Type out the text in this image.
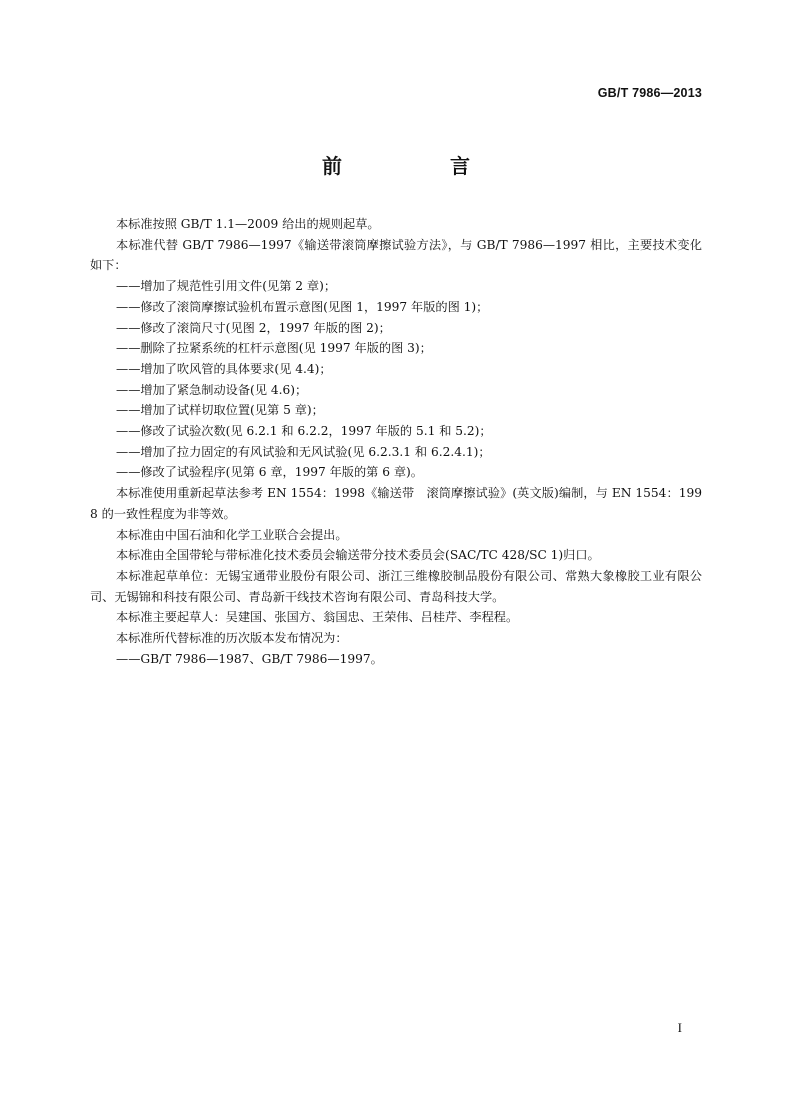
GB/T 7986—2013
前　言

本标准按照 GB/T 1.1—2009 给出的规则起草。

本标准代替 GB/T 7986—1997《输送带滚筒摩擦试验方法》，与 GB/T 7986—1997 相比，主要技术变化如下：

——增加了规范性引用文件(见第 2 章)；

——修改了滚筒摩擦试验机布置示意图(见图 1，1997 年版的图 1)；

——修改了滚筒尺寸(见图 2，1997 年版的图 2)；

——删除了拉紧系统的杠杆示意图(见 1997 年版的图 3)；

——增加了吹风管的具体要求(见 4.4)；

——增加了紧急制动设备(见 4.6)；

——增加了试样切取位置(见第 5 章)；

——修改了试验次数(见 6.2.1 和 6.2.2，1997 年版的 5.1 和 5.2)；

——增加了拉力固定的有风试验和无风试验(见 6.2.3.1 和 6.2.4.1)；

——修改了试验程序(见第 6 章，1997 年版的第 6 章)。

本标准使用重新起草法参考 EN 1554：1998《输送带　滚筒摩擦试验》(英文版)编制，与 EN 1554：1998 的一致性程度为非等效。

本标准由中国石油和化学工业联合会提出。

本标准由全国带轮与带标准化技术委员会输送带分技术委员会(SAC/TC 428/SC 1)归口。

本标准起草单位：无锡宝通带业股份有限公司、浙江三维橡胶制品股份有限公司、常熟大象橡胶工业有限公司、无锡锦和科技有限公司、青岛新干线技术咨询有限公司、青岛科技大学。

本标准主要起草人：吴建国、张国方、翁国忠、王荣伟、吕桂芹、李程程。

本标准所代替标准的历次版本发布情况为：

——GB/T 7986—1987、GB/T 7986—1997。

I
